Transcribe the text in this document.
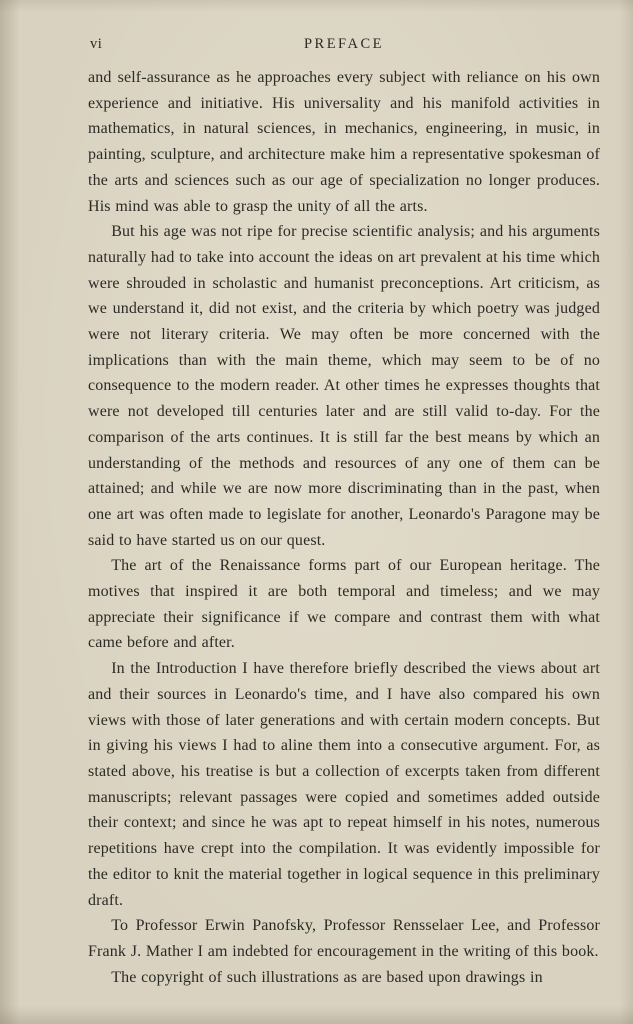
vi	PREFACE

and self-assurance as he approaches every subject with reliance on his own experience and initiative. His universality and his manifold activities in mathematics, in natural sciences, in mechanics, engineering, in music, in painting, sculpture, and architecture make him a representative spokesman of the arts and sciences such as our age of specialization no longer produces. His mind was able to grasp the unity of all the arts.

But his age was not ripe for precise scientific analysis; and his arguments naturally had to take into account the ideas on art prevalent at his time which were shrouded in scholastic and humanist preconceptions. Art criticism, as we understand it, did not exist, and the criteria by which poetry was judged were not literary criteria. We may often be more concerned with the implications than with the main theme, which may seem to be of no consequence to the modern reader. At other times he expresses thoughts that were not developed till centuries later and are still valid to-day. For the comparison of the arts continues. It is still far the best means by which an understanding of the methods and resources of any one of them can be attained; and while we are now more discriminating than in the past, when one art was often made to legislate for another, Leonardo's Paragone may be said to have started us on our quest.

The art of the Renaissance forms part of our European heritage. The motives that inspired it are both temporal and timeless; and we may appreciate their significance if we compare and contrast them with what came before and after.

In the Introduction I have therefore briefly described the views about art and their sources in Leonardo's time, and I have also compared his own views with those of later generations and with certain modern concepts. But in giving his views I had to aline them into a consecutive argument. For, as stated above, his treatise is but a collection of excerpts taken from different manuscripts; relevant passages were copied and sometimes added outside their context; and since he was apt to repeat himself in his notes, numerous repetitions have crept into the compilation. It was evidently impossible for the editor to knit the material together in logical sequence in this preliminary draft.

To Professor Erwin Panofsky, Professor Rensselaer Lee, and Professor Frank J. Mather I am indebted for encouragement in the writing of this book.

The copyright of such illustrations as are based upon drawings in
